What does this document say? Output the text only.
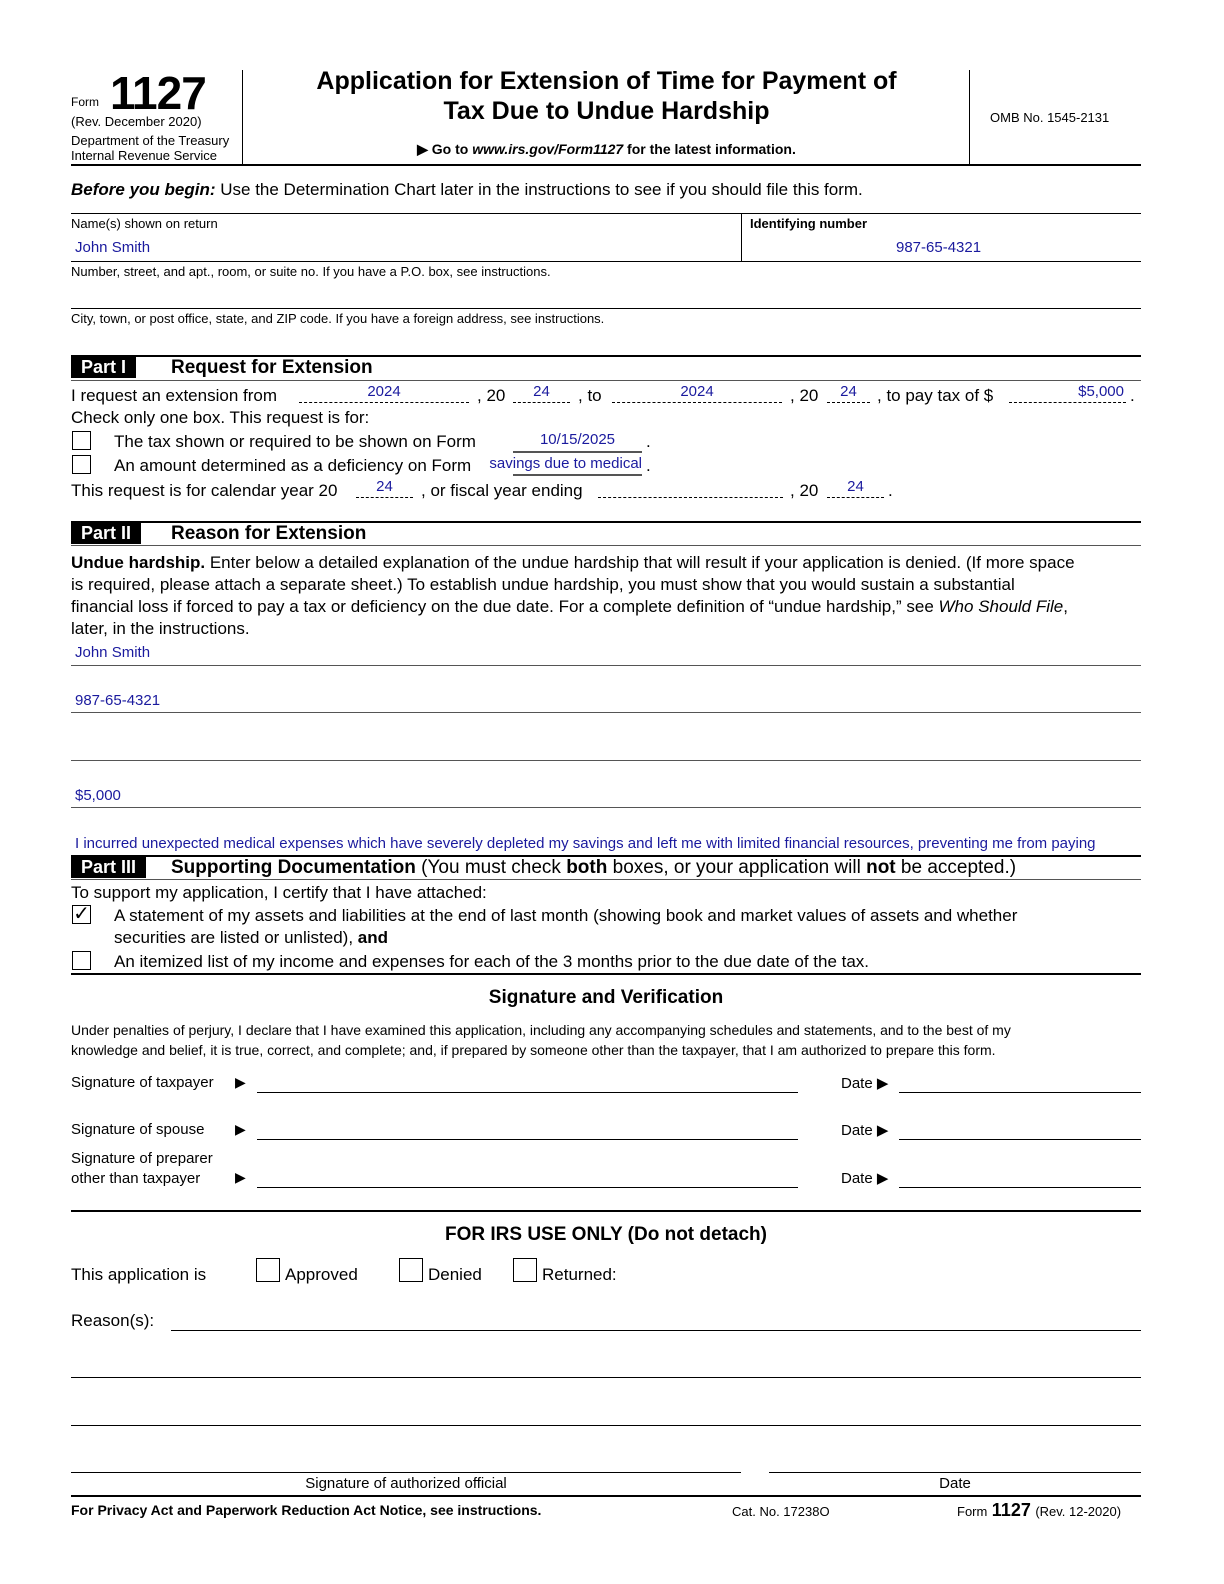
Form 1127
(Rev. December 2020)
Department of the Treasury
Internal Revenue Service
Application for Extension of Time for Payment of
Tax Due to Undue Hardship
▶ Go to www.irs.gov/Form1127 for the latest information.
OMB No. 1545-2131
Before you begin: Use the Determination Chart later in the instructions to see if you should file this form.
Name(s) shown on return
John Smith
Identifying number
987-65-4321
Number, street, and apt., room, or suite no. If you have a P.O. box, see instructions.
City, town, or post office, state, and ZIP code. If you have a foreign address, see instructions.
Part I	Request for Extension
I request an extension from	2024	, 20	24	, to	2024	, 20	24	, to pay tax of $	$5,000 .
Check only one box. This request is for:
The tax shown or required to be shown on Form	10/15/2025	.
An amount determined as a deficiency on Form savings due to medical .
This request is for calendar year 20	24	, or fiscal year ending	, 20	24	.
Part II	Reason for Extension
Undue hardship. Enter below a detailed explanation of the undue hardship that will result if your application is denied. (If more space
is required, please attach a separate sheet.) To establish undue hardship, you must show that you would sustain a substantial
financial loss if forced to pay a tax or deficiency on the due date. For a complete definition of “undue hardship,” see Who Should File,
later, in the instructions.
John Smith
987-65-4321
$5,000
I incurred unexpected medical expenses which have severely depleted my savings and left me with limited financial resources, preventing me from paying
Part III	Supporting Documentation (You must check both boxes, or your application will not be accepted.)
To support my application, I certify that I have attached:
✓ A statement of my assets and liabilities at the end of last month (showing book and market values of assets and whether
securities are listed or unlisted), and
An itemized list of my income and expenses for each of the 3 months prior to the due date of the tax.
Signature and Verification
Under penalties of perjury, I declare that I have examined this application, including any accompanying schedules and statements, and to the best of my
knowledge and belief, it is true, correct, and complete; and, if prepared by someone other than the taxpayer, that I am authorized to prepare this form.
Signature of taxpayer ▶	Date ▶
Signature of spouse ▶	Date ▶
Signature of preparer
other than taxpayer	▶	Date ▶
FOR IRS USE ONLY (Do not detach)
This application is	Approved	Denied	Returned:
Reason(s):
Signature of authorized official	Date
For Privacy Act and Paperwork Reduction Act Notice, see instructions.	Cat. No. 17238O	Form 1127 (Rev. 12-2020)
